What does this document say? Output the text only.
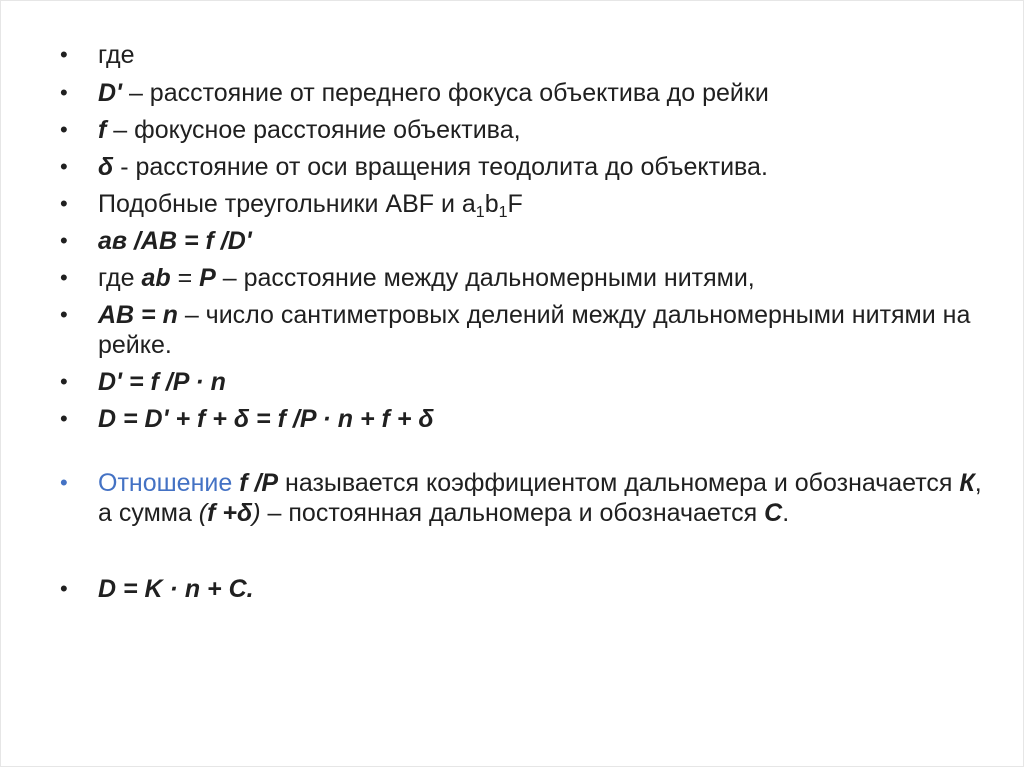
• где
• D' – расстояние от переднего фокуса объектива до рейки
• f – фокусное расстояние объектива,
• δ - расстояние от оси вращения теодолита до объектива.
• Подобные треугольники ABF и $a_1b_1F$
• ав /АВ = f /D'
• где ab = P – расстояние между дальномерными нитями,
• AB = n – число сантиметровых делений между дальномерными нитями на рейке.
• D' = f /P · n
• D = D' + f + δ = f /P · n + f + δ
• Отношение f /P называется коэффициентом дальномера и обозначается К, а сумма (f +δ) – постоянная дальномера и обозначается С.
• D = K · n + C.
